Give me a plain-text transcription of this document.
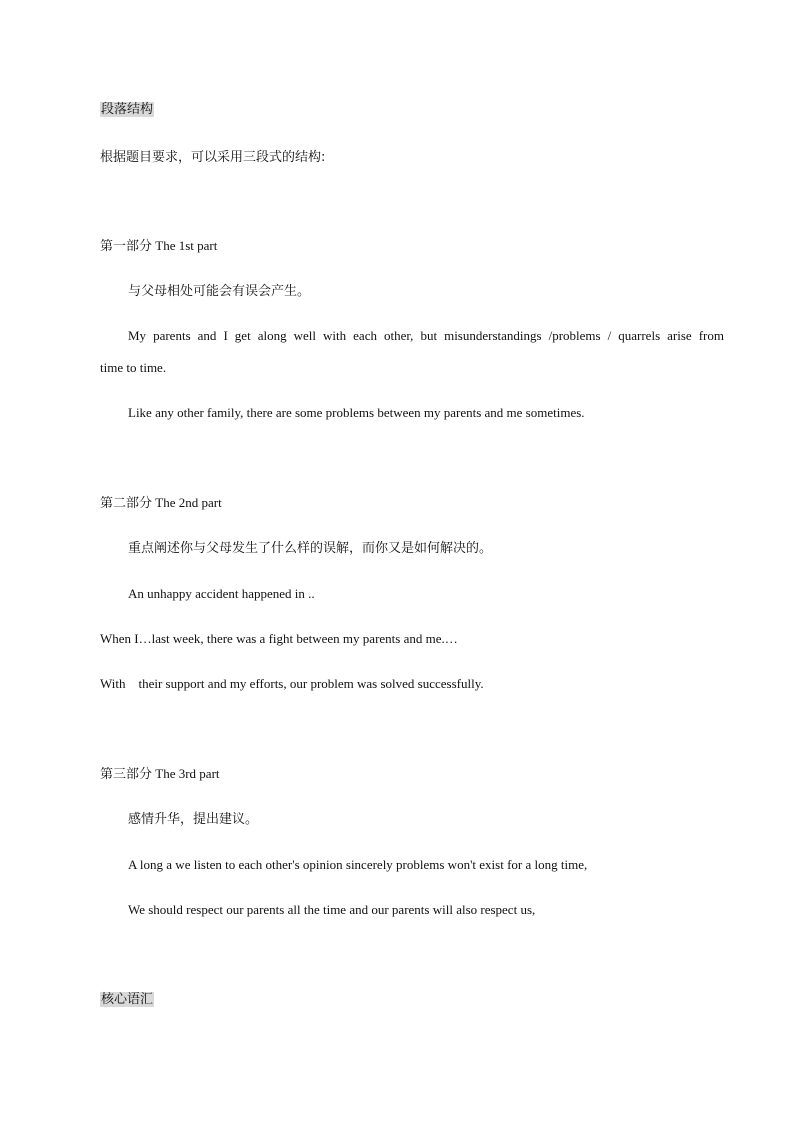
段落结构
根据题目要求，可以采用三段式的结构:
第一部分 The 1st part
与父母相处可能会有误会产生。
My parents and I get along well with each other, but misunderstandings /problems / quarrels arise from
time to time.
Like any other family, there are some problems between my parents and me sometimes.
第二部分 The 2nd part
重点阐述你与父母发生了什么样的误解，而你又是如何解决的。
An unhappy accident happened in ..
When I…last week, there was a fight between my parents and me.…
With    their support and my efforts, our problem was solved successfully.
第三部分 The 3rd part
感情升华，提出建议。
A long a we listen to each other's opinion sincerely problems won't exist for a long time,
We should respect our parents all the time and our parents will also respect us,
核心语汇
